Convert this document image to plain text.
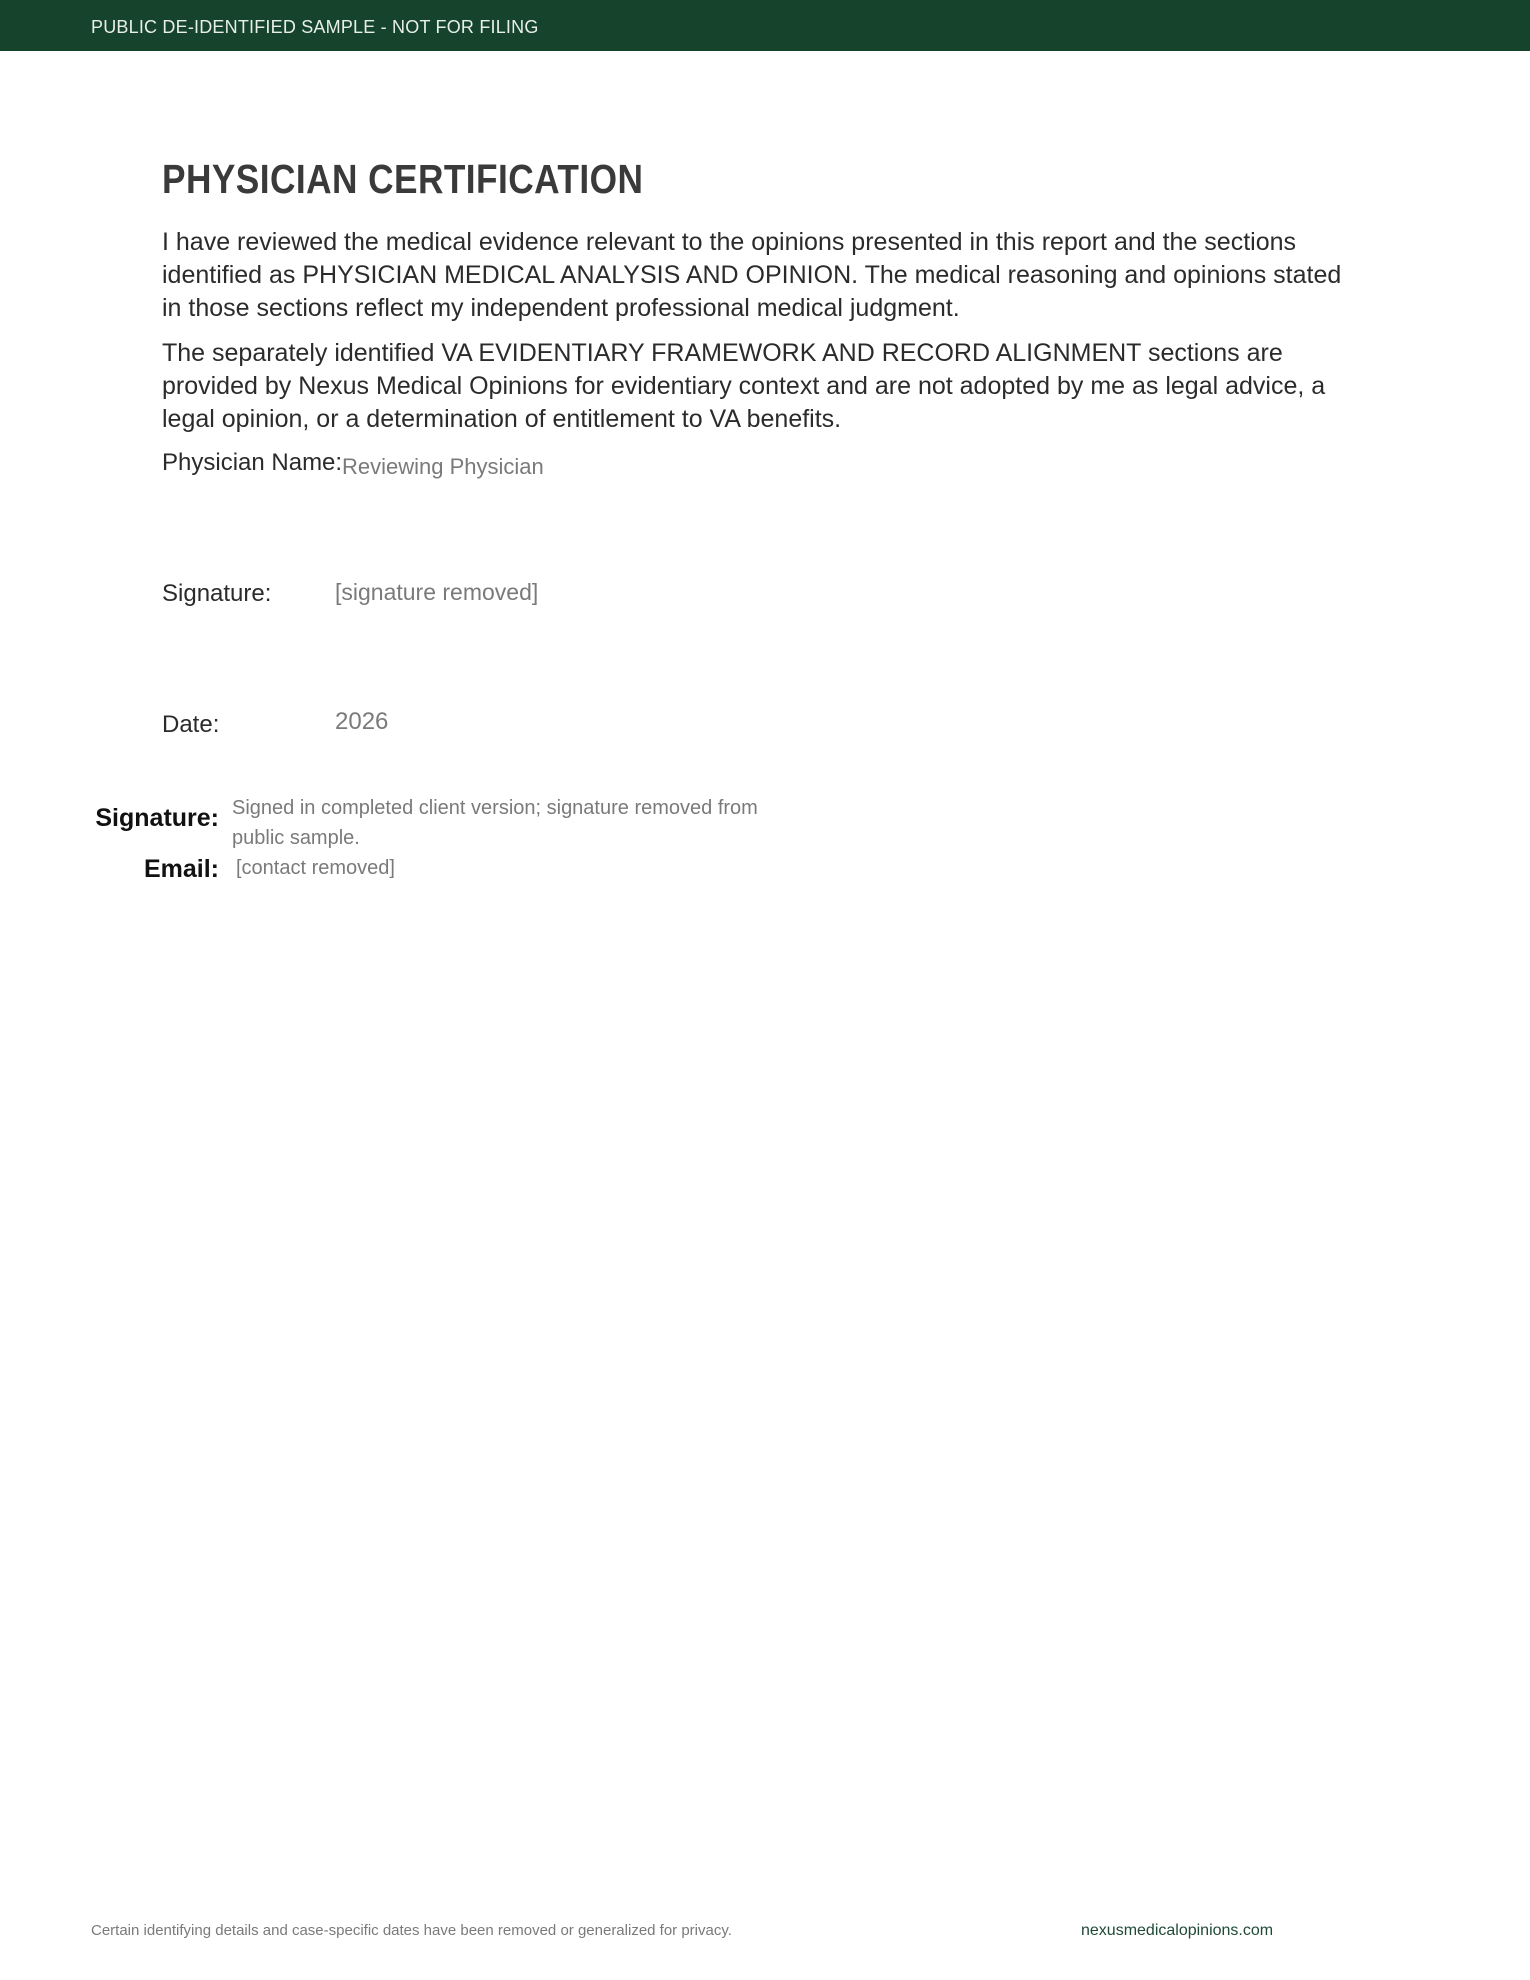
PUBLIC DE-IDENTIFIED SAMPLE - NOT FOR FILING
PHYSICIAN CERTIFICATION

I have reviewed the medical evidence relevant to the opinions presented in this report and the sections identified as PHYSICIAN MEDICAL ANALYSIS AND OPINION. The medical reasoning and opinions stated in those sections reflect my independent professional medical judgment.

The separately identified VA EVIDENTIARY FRAMEWORK AND RECORD ALIGNMENT sections are provided by Nexus Medical Opinions for evidentiary context and are not adopted by me as legal advice, a legal opinion, or a determination of entitlement to VA benefits.

Physician Name: Reviewing Physician
Signature:	[signature removed]
Date:	2026
Signature: Signed in completed client version; signature removed from public sample.
Email: [contact removed]
Certain identifying details and case-specific dates have been removed or generalized for privacy.	nexusmedicalopinions.com
